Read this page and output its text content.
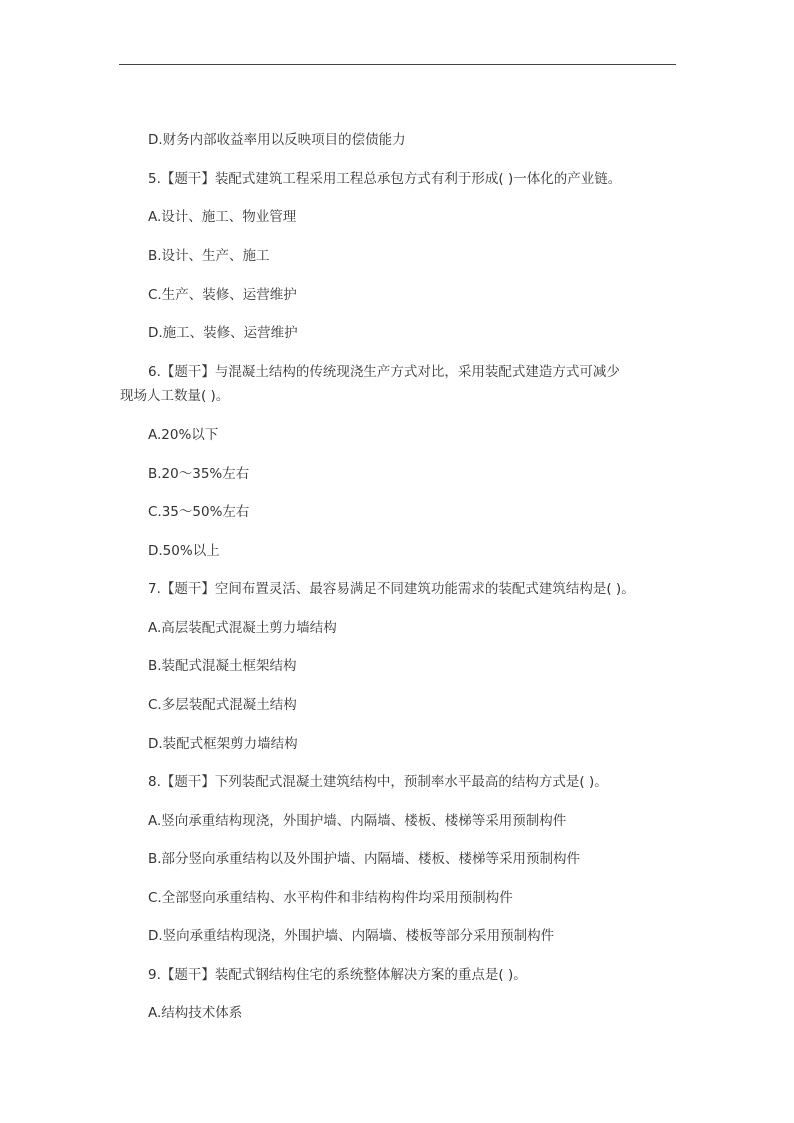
D.财务内部收益率用以反映项目的偿债能力
5.【题干】装配式建筑工程采用工程总承包方式有利于形成( )一体化的产业链。
A.设计、施工、物业管理
B.设计、生产、施工
C.生产、装修、运营维护
D.施工、装修、运营维护
6.【题干】与混凝土结构的传统现浇生产方式对比，采用装配式建造方式可减少
现场人工数量( )。
A.20%以下
B.20～35%左右
C.35～50%左右
D.50%以上
7.【题干】空间布置灵活、最容易满足不同建筑功能需求的装配式建筑结构是( )。
A.高层装配式混凝土剪力墙结构
B.装配式混凝土框架结构
C.多层装配式混凝土结构
D.装配式框架剪力墙结构
8.【题干】下列装配式混凝土建筑结构中，预制率水平最高的结构方式是( )。
A.竖向承重结构现浇，外围护墙、内隔墙、楼板、楼梯等采用预制构件
B.部分竖向承重结构以及外围护墙、内隔墙、楼板、楼梯等采用预制构件
C.全部竖向承重结构、水平构件和非结构构件均采用预制构件
D.竖向承重结构现浇，外围护墙、内隔墙、楼板等部分采用预制构件
9.【题干】装配式钢结构住宅的系统整体解决方案的重点是( )。
A.结构技术体系
